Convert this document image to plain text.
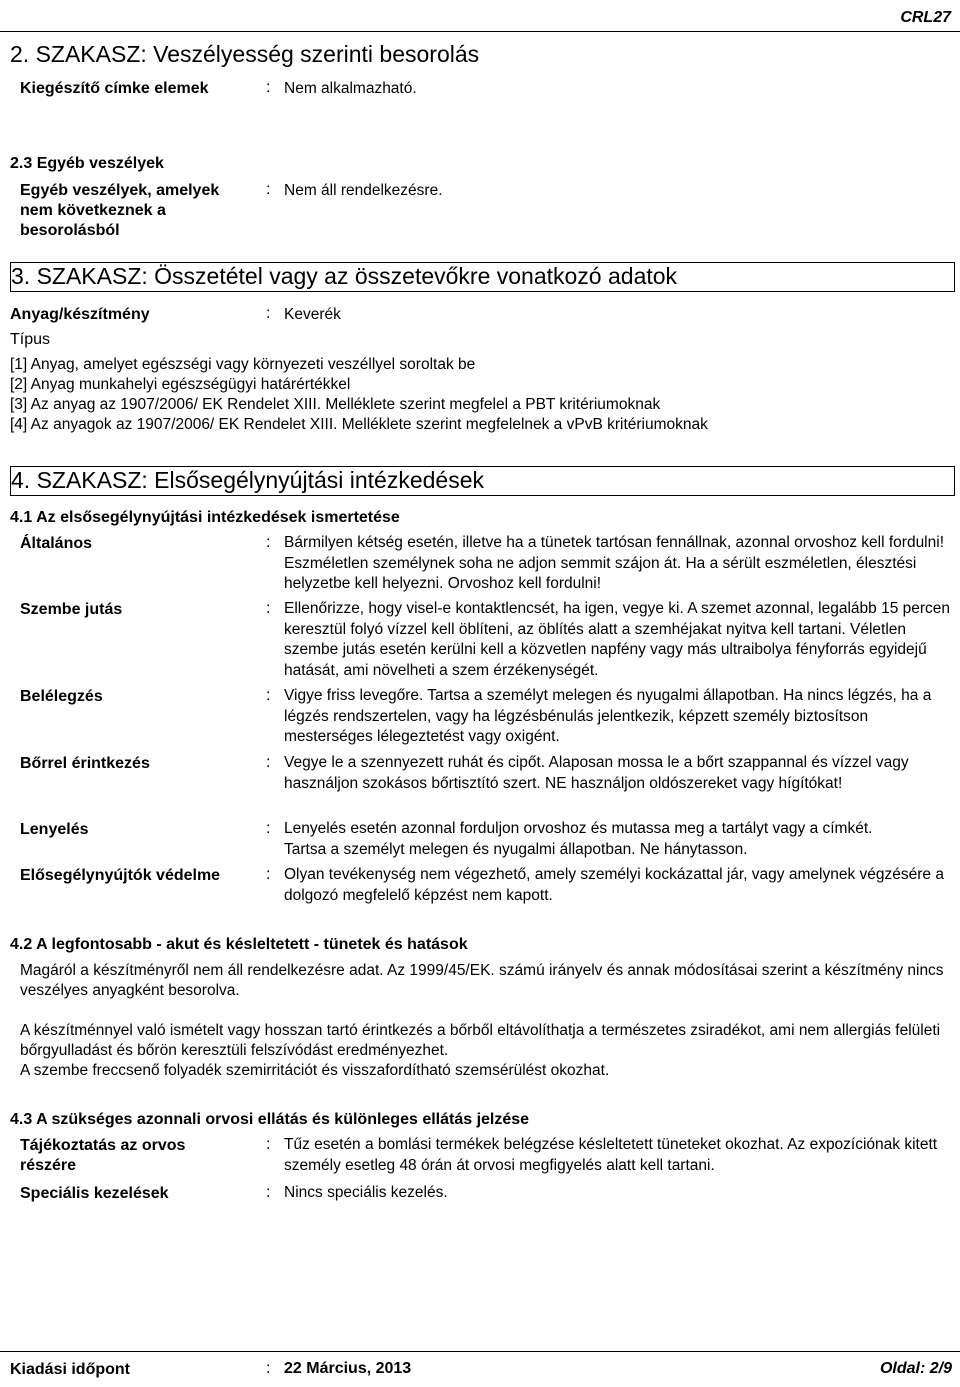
CRL27
2. SZAKASZ: Veszélyesség szerinti besorolás
Kiegészítő címke elemek	: Nem alkalmazható.
2.3 Egyéb veszélyek
Egyéb veszélyek, amelyek nem következnek a besorolásból
: Nem áll rendelkezésre.
3. SZAKASZ: Összetétel vagy az összetevőkre vonatkozó adatok
Anyag/készítmény	: Keverék
Típus
[1] Anyag, amelyet egészségi vagy környezeti veszéllyel soroltak be
[2] Anyag munkahelyi egészségügyi határértékkel
[3] Az anyag az 1907/2006/ EK Rendelet XIII. Melléklete szerint megfelel a PBT kritériumoknak
[4] Az anyagok az 1907/2006/ EK Rendelet XIII. Melléklete szerint megfelelnek a vPvB kritériumoknak
4. SZAKASZ: Elsősegélynyújtási intézkedések
4.1 Az elsősegélynyújtási intézkedések ismertetése
Általános	: Bármilyen kétség esetén, illetve ha a tünetek tartósan fennállnak, azonnal orvoshoz kell fordulni! Eszméletlen személynek soha ne adjon semmit szájon át. Ha a sérült eszméletlen, élesztési helyzetbe kell helyezni. Orvoshoz kell fordulni!
Szembe jutás	: Ellenőrizze, hogy visel-e kontaktlencsét, ha igen, vegye ki. A szemet azonnal, legalább 15 percen keresztül folyó vízzel kell öblíteni, az öblítés alatt a szemhéjakat nyitva kell tartani. Véletlen szembe jutás esetén kerülni kell a közvetlen napfény vagy más ultraibolya fényforrás egyidejű hatását, ami növelheti a szem érzékenységét.
Belélegzés	: Vigye friss levegőre. Tartsa a személyt melegen és nyugalmi állapotban. Ha nincs légzés, ha a légzés rendszertelen, vagy ha légzésbénulás jelentkezik, képzett személy biztosítson mesterséges lélegeztetést vagy oxigént.
Bőrrel érintkezés	: Vegye le a szennyezett ruhát és cipőt. Alaposan mossa le a bőrt szappannal és vízzel vagy használjon szokásos bőrtisztító szert. NE használjon oldószereket vagy hígítókat!
Lenyelés	: Lenyelés esetén azonnal forduljon orvoshoz és mutassa meg a tartályt vagy a címkét. Tartsa a személyt melegen és nyugalmi állapotban. Ne hánytasson.
Elősegélynyújtók védelme	: Olyan tevékenység nem végezhető, amely személyi kockázattal jár, vagy amelynek végzésére a dolgozó megfelelő képzést nem kapott.
4.2 A legfontosabb - akut és késleltetett - tünetek és hatások
Magáról a készítményről nem áll rendelkezésre adat. Az 1999/45/EK. számú irányelv és annak módosításai szerint a készítmény nincs veszélyes anyagként besorolva.
A készítménnyel való ismételt vagy hosszan tartó érintkezés a bőrből eltávolíthatja a természetes zsiradékot, ami nem allergiás felületi bőrgyulladást és bőrön keresztüli felszívódást eredményezhet.
A szembe freccsenő folyadék szemirritációt és visszafordítható szemsérülést okozhat.
4.3 A szükséges azonnali orvosi ellátás és különleges ellátás jelzése
Tájékoztatás az orvos részére
: Tűz esetén a bomlási termékek belégzése késleltetett tüneteket okozhat. Az expozíciónak kitett személy esetleg 48 órán át orvosi megfigyelés alatt kell tartani.
Speciális kezelések	: Nincs speciális kezelés.
Kiadási időpont	: 22 Március, 2013	Oldal: 2/9
